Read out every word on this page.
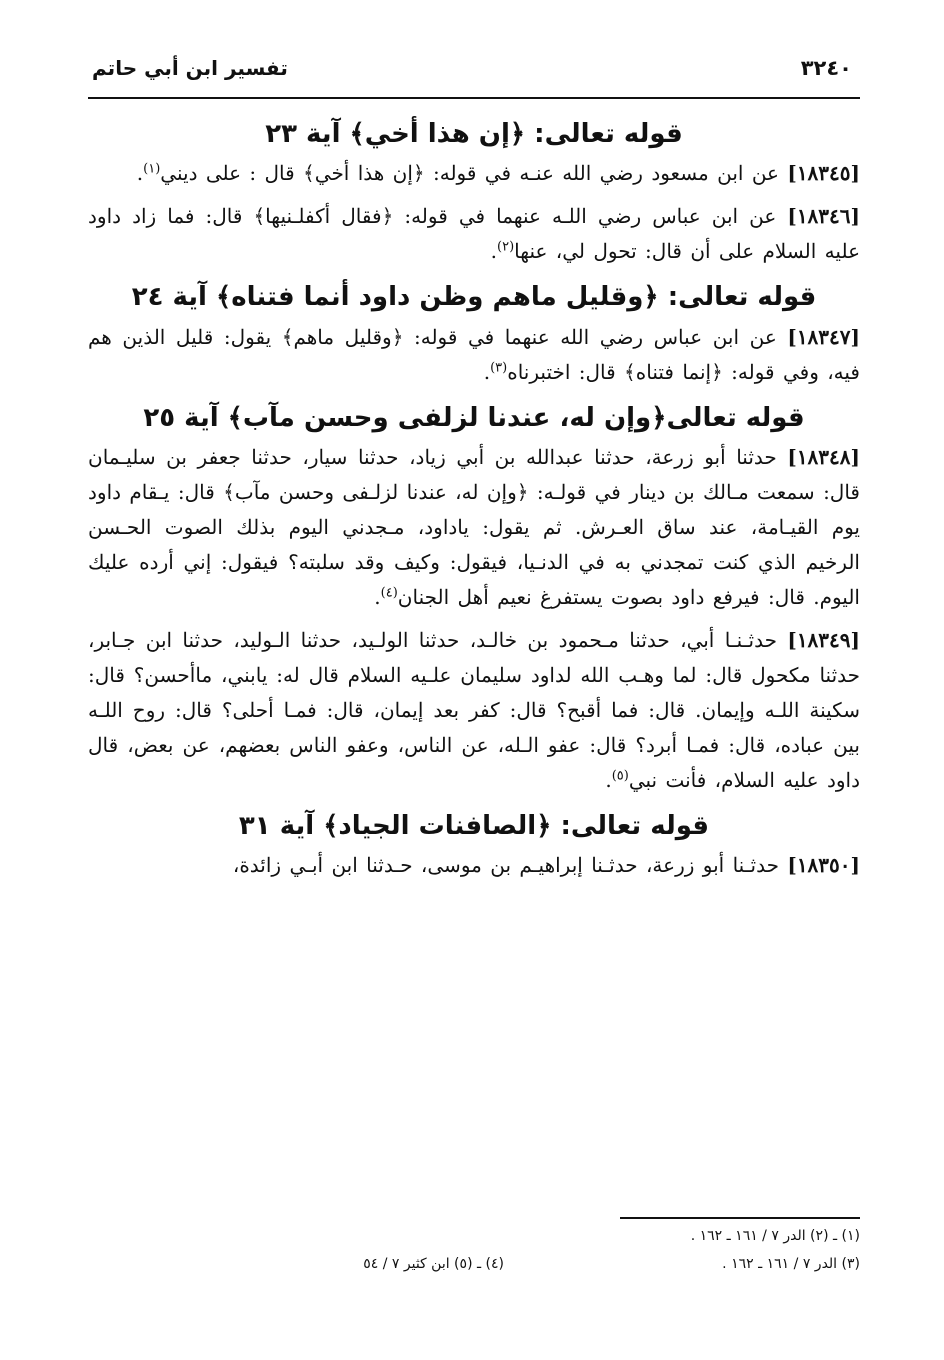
تفسير ابن أبي حاتم	٣٢٤٠
قوله تعالى: ﴿إن هذا أخي﴾ آية ٢٣

[١٨٣٤٥] عن ابن مسعود رضي الله عنـه في قوله: ﴿إن هذا أخي﴾ قال : على ديني$^{(١)}$.

[١٨٣٤٦] عن ابن عباس رضي اللـه عنهما في قوله: ﴿فقال أكفلـنيها﴾ قال: فما زاد داود عليه السلام على أن قال: تحول لي، عنها$^{(٢)}$.

قوله تعالى: ﴿وقليل ماهم وظن داود أنما فتناه﴾ آية ٢٤

[١٨٣٤٧] عن ابن عباس رضي الله عنهما في قوله: ﴿وقليل ماهم﴾ يقول: قليل الذين هم فيه، وفي قوله: ﴿إنما فتناه﴾ قال: اختبرناه$^{(٣)}$.

قوله تعالى﴿وإن له، عندنا لزلفى وحسن مآب﴾ آية ٢٥

[١٨٣٤٨] حدثنا أبو زرعة، حدثنا عبدالله بن أبي زياد، حدثنا سيار، حدثنا جعفر بن سليـمان قال: سمعت مـالك بن دينار في قولـه: ﴿وإن له، عندنا لزلـفى وحسن مآب﴾ قال: يـقام داود يوم القيـامة، عند ساق العـرش. ثم يقول: ياداود، مـجدني اليوم بذلك الصوت الحـسن الرخيم الذي كنت تمجدني به في الدنـيا، فيقول: وكيف وقد سلبته؟ فيقول: إني أرده عليك اليوم. قال: فيرفع داود بصوت يستفرغ نعيم أهل الجنان$^{(٤)}$.

[١٨٣٤٩] حدثـنـا أبي، حدثنا مـحمود بن خالـد، حدثنا الولـيد، حدثنا الـوليد، حدثنا ابن جـابر، حدثنا مكحول قال: لما وهـب الله لداود سليمان علـيه السلام قال له: يابني، ماأحسن؟ قال: سكينة اللـه وإيمان. قال: فما أقبح؟ قال: كفر بعد إيمان، قال: فمـا أحلى؟ قال: روح اللـه بين عباده، قال: فمـا أبرد؟ قال: عفو الـله، عن الناس، وعفو الناس بعضهم، عن بعض، قال داود عليه السلام، فأنت نبي$^{(٥)}$.

قوله تعالى: ﴿الصافنات الجياد﴾ آية ٣١

[١٨٣٥٠] حدثـنا أبو زرعة، حدثـنا إبراهيـم بن موسى، حـدثنا ابن أبـي زائدة،

(١) ـ (٢) الدر ٧ / ١٦١ ـ ١٦٢ .
(٣) الدر ٧ / ١٦١ ـ ١٦٢ .
(٤) ـ (٥) ابن كثير ٧ / ٥٤
